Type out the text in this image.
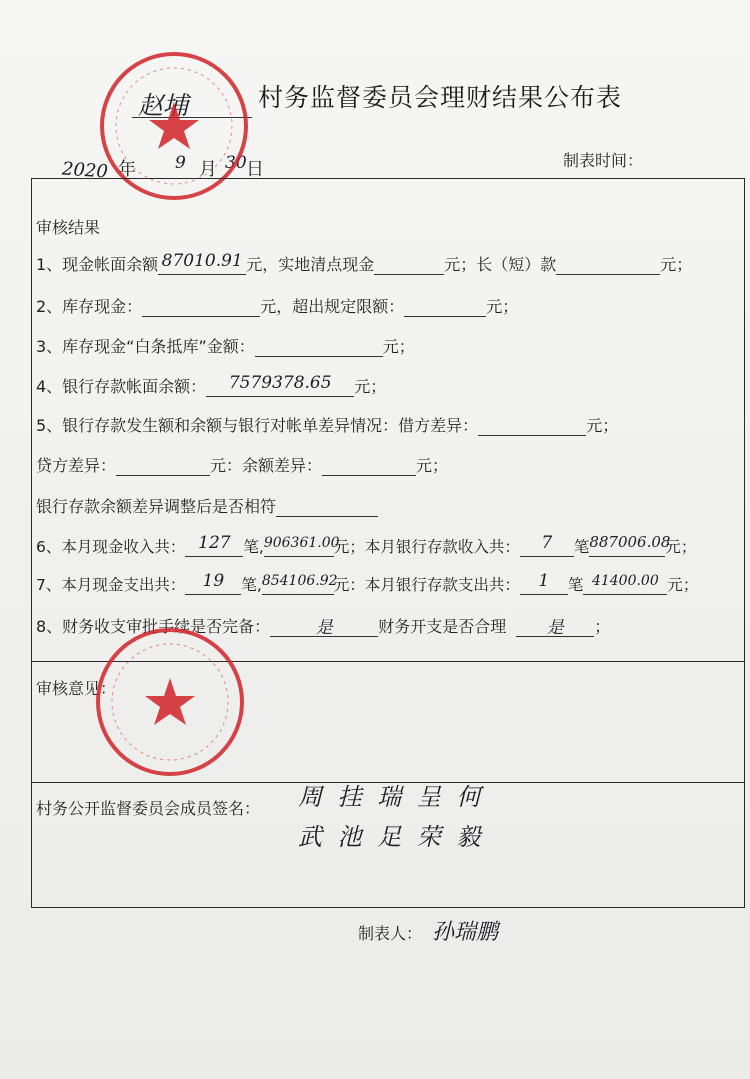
赵埔	村务监督委员会理财结果公布表
2020 年 9 月 30 日	制表时间：
审核结果
1、现金帐面余额 87010.91 元，实地清点现金	元；长（短）款	元；
2、库存现金：	元，超出规定限额：	元；
3、库存现金“白条抵库”金额：	元；
4、银行存款帐面余额： 7579378.65 元；
5、银行存款发生额和余额与银行对帐单差异情况：借方差异：	元；
贷方差异：	元：余额差异：	元；
银行存款余额差异调整后是否相符
6、本月现金收入共： 127 笔,906361.00元；本月银行存款收入共： 7 笔887006.08元；
7、本月现金支出共： 19 笔,854106.92元：本月银行存款支出共： 1 笔 41400.00 元；
8、财务收支审批手续是否完备：	是	财务开支是否合理 是 ；
审核意见：
村务公开监督委员会成员签名： 周 挂 瑞 呈 何
武 池 足 荣 毅
制表人： 孙瑞鹏
